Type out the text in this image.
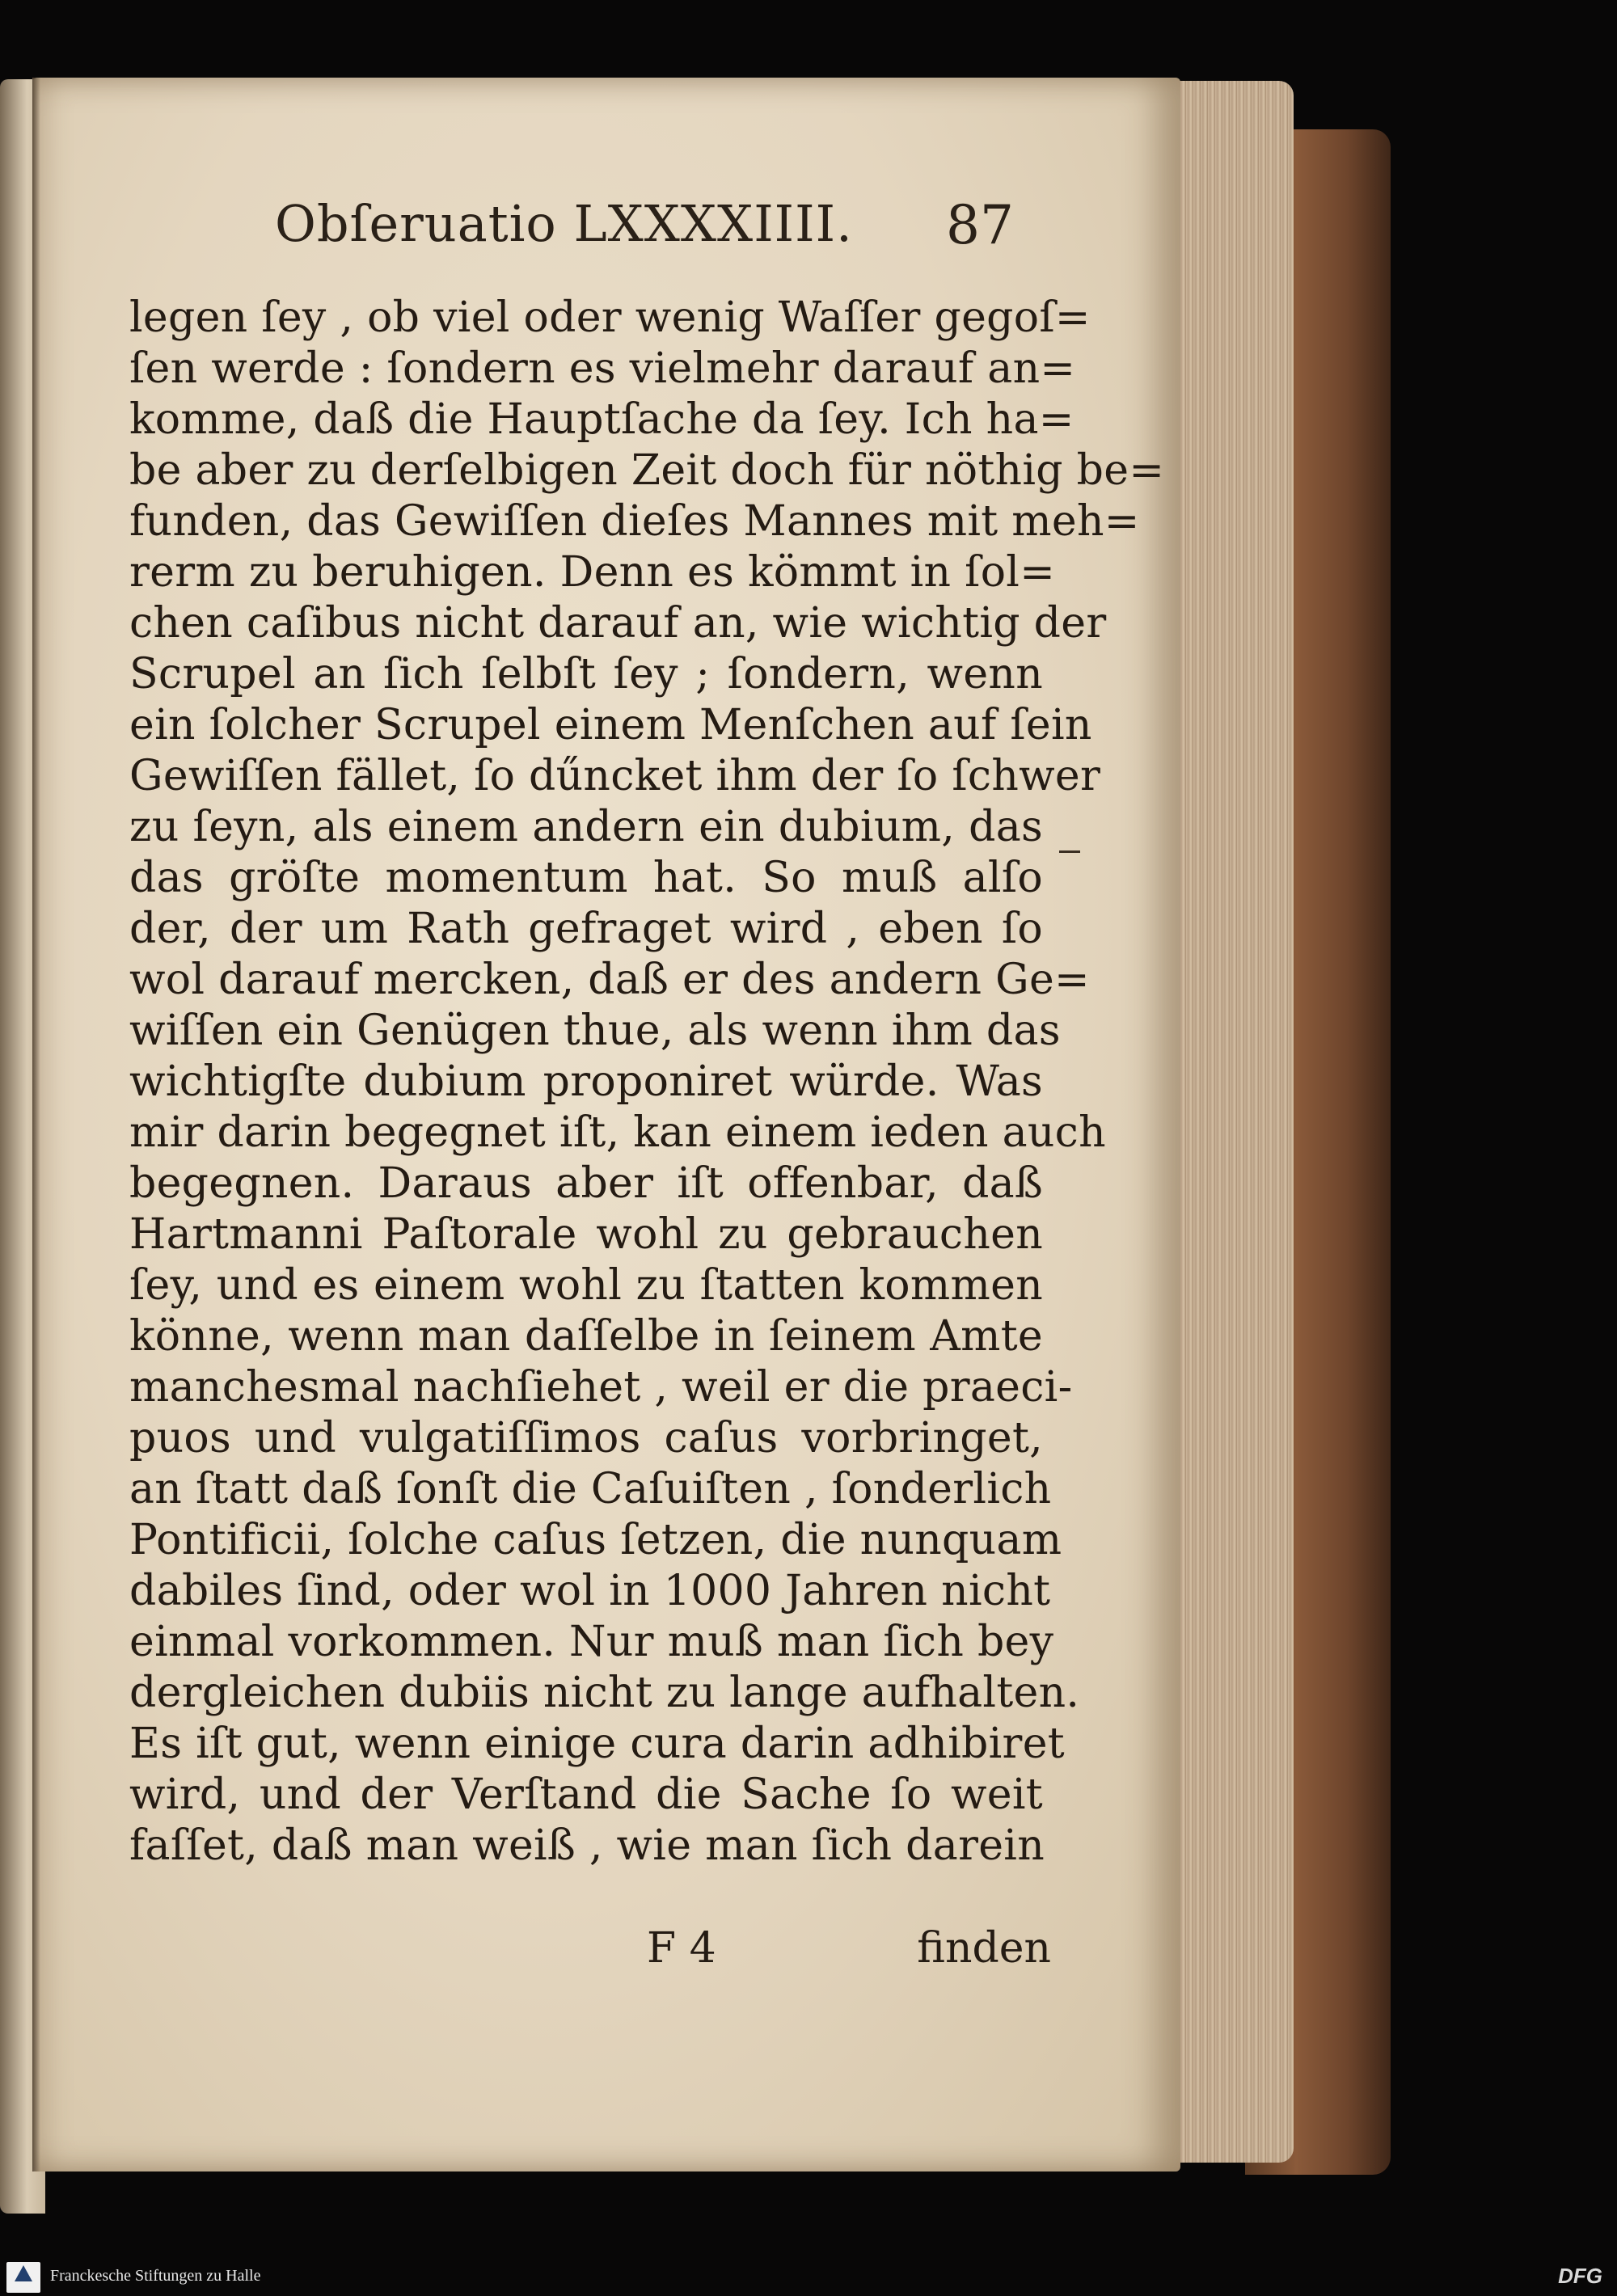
Obſeruatio LXXXXIIII. 87
legen ſey , ob viel oder wenig Waſſer gegoſ=
ſen werde : ſondern es vielmehr darauf an=
komme, daß die Hauptſache da ſey. Ich ha=
be aber zu derſelbigen Zeit doch für nöthig be=
funden, das Gewiſſen dieſes Mannes mit meh=
rerm zu beruhigen. Denn es kömmt in ſol=
chen caſibus nicht darauf an, wie wichtig der
Scrupel an ſich ſelbſt ſey ; ſondern, wenn
ein ſolcher Scrupel einem Menſchen auf ſein
Gewiſſen fället, ſo dűncket ihm der ſo ſchwer
zu ſeyn, als einem andern ein dubium, das
das gröſte momentum hat. So muß alſo
der, der um Rath gefraget wird , eben ſo
wol darauf mercken, daß er des andern Ge=
wiſſen ein Genügen thue, als wenn ihm das
wichtigſte dubium proponiret würde. Was
mir darin begegnet iſt, kan einem ieden auch
begegnen. Daraus aber iſt offenbar, daß
Hartmanni Paſtorale wohl zu gebrauchen
ſey, und es einem wohl zu ſtatten kommen
könne, wenn man daſſelbe in ſeinem Amte
manchesmal nachſiehet , weil er die praeci-
puos und vulgatiſſimos caſus vorbringet,
an ſtatt daß ſonſt die Caſuiſten , ſonderlich
Pontificii, ſolche caſus ſetzen, die nunquam
dabiles ſind, oder wol in 1000 Jahren nicht
einmal vorkommen. Nur muß man ſich bey
dergleichen dubiis nicht zu lange aufhalten.
Es iſt gut, wenn einige cura darin adhibiret
wird, und der Verſtand die Sache ſo weit
faſſet, daß man weiß , wie man ſich darein
F 4	finden
Franckesche Stiftungen zu Halle	DFG
